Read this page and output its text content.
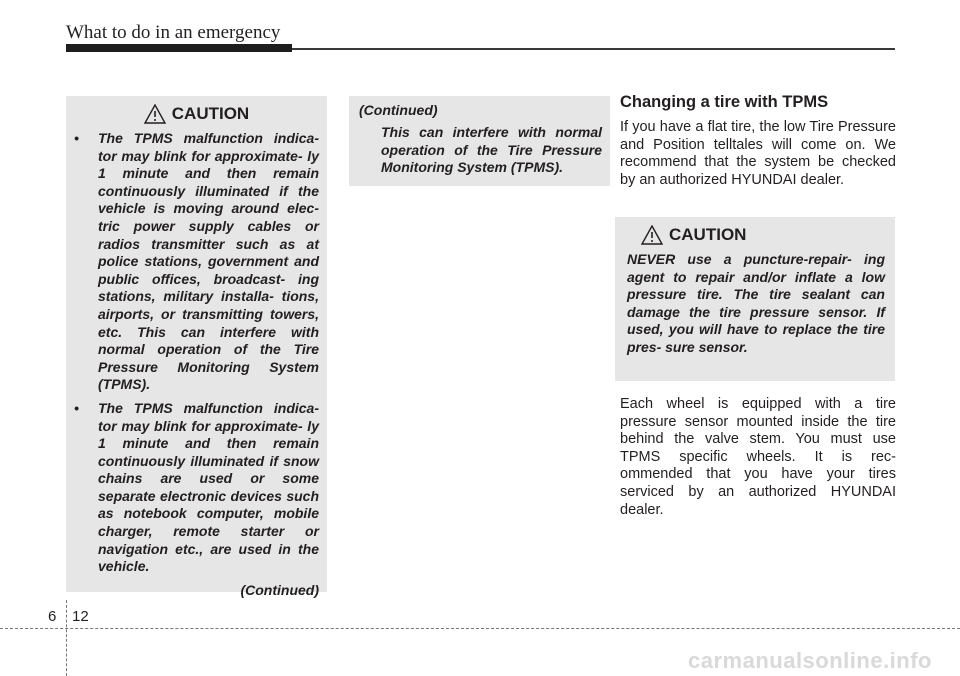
What to do in an emergency
CAUTION
• The TPMS malfunction indica- tor may blink for approximate- ly 1 minute and then remain continuously illuminated if the vehicle is moving around elec- tric power supply cables or radios transmitter such as at police stations, government and public offices, broadcast- ing stations, military installa- tions, airports, or transmitting towers, etc. This can interfere with normal operation of the Tire Pressure Monitoring System (TPMS).
• The TPMS malfunction indica- tor may blink for approximate- ly 1 minute and then remain continuously illuminated if snow chains are used or some separate electronic devices such as notebook computer, mobile charger, remote starter or navigation etc., are used in the vehicle.
(Continued)
(Continued)
This can interfere with normal operation of the Tire Pressure Monitoring System (TPMS).
Changing a tire with TPMS
If you have a flat tire, the low Tire Pressure and Position telltales will come on. We recommend that the system be checked by an authorized HYUNDAI dealer.
CAUTION
NEVER use a puncture-repair- ing agent to repair and/or inflate a low pressure tire. The tire sealant can damage the tire pressure sensor. If used, you will have to replace the tire pres- sure sensor.
Each wheel is equipped with a tire pressure sensor mounted inside the tire behind the valve stem. You must use TPMS specific wheels. It is rec- ommended that you have your tires serviced by an authorized HYUNDAI dealer.
6 12
carmanualsonline.info
